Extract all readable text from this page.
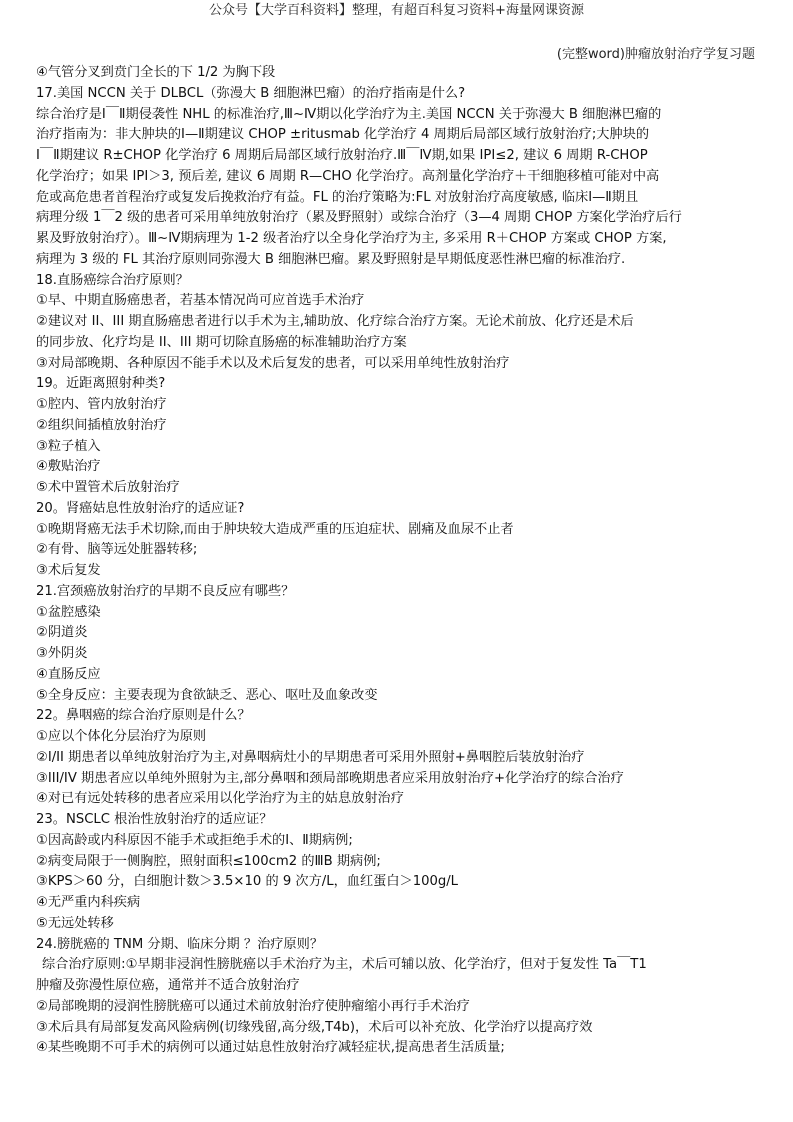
公众号【大学百科资料】整理，有超百科复习资料+海量网课资源
(完整word)肿瘤放射治疗学复习题
④气管分叉到贲门全长的下 1/2 为胸下段
17.美国 NCCN 关于 DLBCL（弥漫大 B 细胞淋巴瘤）的治疗指南是什么?
综合治疗是Ⅰ￣Ⅱ期侵袭性 NHL 的标准治疗,Ⅲ~Ⅳ期以化学治疗为主.美国 NCCN 关于弥漫大 B 细胞淋巴瘤的
治疗指南为：非大肿块的Ⅰ—Ⅱ期建议 CHOP ±ritusmab 化学治疗 4 周期后局部区域行放射治疗;大肿块的
Ⅰ￣Ⅱ期建议 R±CHOP 化学治疗 6 周期后局部区域行放射治疗.Ⅲ￣Ⅳ期,如果 IPI≤2, 建议 6 周期 R-CHOP
化学治疗；如果 IPI＞3, 预后差, 建议 6 周期 R—CHO 化学治疗。高剂量化学治疗＋干细胞移植可能对中高
危或高危患者首程治疗或复发后挽救治疗有益。FL 的治疗策略为:FL 对放射治疗高度敏感, 临床Ⅰ—Ⅱ期且
病理分级 1￣2 级的患者可采用单纯放射治疗（累及野照射）或综合治疗（3—4 周期 CHOP 方案化学治疗后行
累及野放射治疗）。Ⅲ~Ⅳ期病理为 1-2 级者治疗以全身化学治疗为主, 多采用 R＋CHOP 方案或 CHOP 方案,
病理为 3 级的 FL 其治疗原则同弥漫大 B 细胞淋巴瘤。累及野照射是早期低度恶性淋巴瘤的标准治疗.
18.直肠癌综合治疗原则？
①早、中期直肠癌患者，若基本情况尚可应首选手术治疗
②建议对 II、III 期直肠癌患者进行以手术为主,辅助放、化疗综合治疗方案。无论术前放、化疗还是术后
的同步放、化疗均是 II、III 期可切除直肠癌的标准辅助治疗方案
③对局部晚期、各种原因不能手术以及术后复发的患者，可以采用单纯性放射治疗
19。近距离照射种类?
①腔内、管内放射治疗
②组织间插植放射治疗
③粒子植入
④敷贴治疗
⑤术中置管术后放射治疗
20。肾癌姑息性放射治疗的适应证?
①晚期肾癌无法手术切除,而由于肿块较大造成严重的压迫症状、剧痛及血尿不止者
②有骨、脑等远处脏器转移;
③术后复发
21.宫颈癌放射治疗的早期不良反应有哪些？
①盆腔感染
②阴道炎
③外阴炎
④直肠反应
⑤全身反应：主要表现为食欲缺乏、恶心、呕吐及血象改变
22。鼻咽癌的综合治疗原则是什么？
①应以个体化分层治疗为原则
②I/II 期患者以单纯放射治疗为主,对鼻咽病灶小的早期患者可采用外照射+鼻咽腔后装放射治疗
③III/IV 期患者应以单纯外照射为主,部分鼻咽和颈局部晚期患者应采用放射治疗+化学治疗的综合治疗
④对已有远处转移的患者应采用以化学治疗为主的姑息放射治疗
23。NSCLC 根治性放射治疗的适应证？
①因高龄或内科原因不能手术或拒绝手术的Ⅰ、Ⅱ期病例;
②病变局限于一侧胸腔，照射面积≤100cm2 的ⅢB 期病例;
③KPS＞60 分，白细胞计数＞3.5×10 的 9 次方/L，血红蛋白＞100g/L
④无严重内科疾病
⑤无远处转移
24.膀胱癌的 TNM 分期、临床分期 ？治疗原则？
综合治疗原则:①早期非浸润性膀胱癌以手术治疗为主，术后可辅以放、化学治疗，但对于复发性 Ta￣T1
肿瘤及弥漫性原位癌，通常并不适合放射治疗
②局部晚期的浸润性膀胱癌可以通过术前放射治疗使肿瘤缩小再行手术治疗
③术后具有局部复发高风险病例(切缘残留,高分级,T4b)，术后可以补充放、化学治疗以提高疗效
④某些晚期不可手术的病例可以通过姑息性放射治疗减轻症状,提高患者生活质量;
